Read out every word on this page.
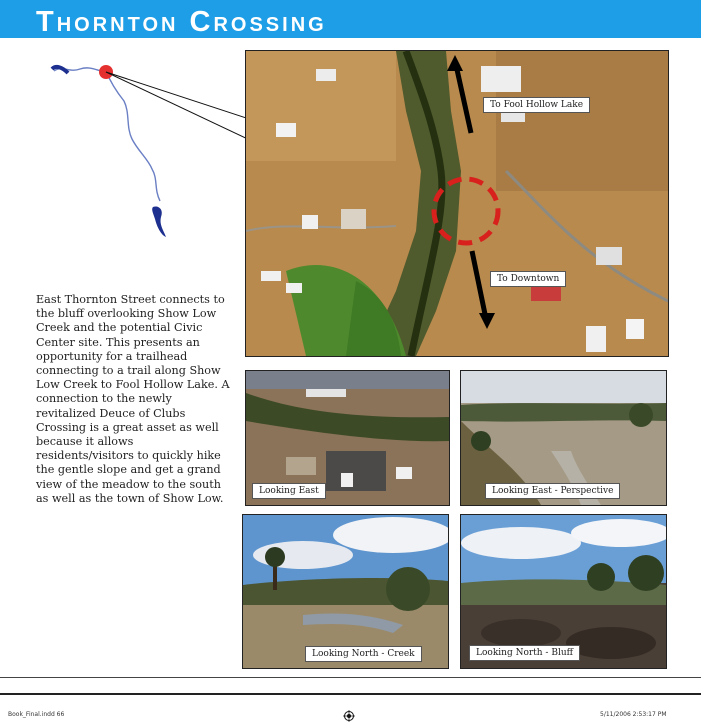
Thornton Crossing
To Fool Hollow Lake
To Downtown
Looking East	Looking East - Perspective
Looking North - Creek	Looking North - Bluff

East Thornton Street connects to the bluff overlooking Show Low Creek and the potential Civic Center site. This presents an opportunity for a trailhead connecting to a trail along Show Low Creek to Fool Hollow Lake. A connection to the newly revitalized Deuce of Clubs Crossing is a great asset as well because it allows residents/visitors to quickly hike the gentle slope and get a grand view of the meadow to the south as well as the town of Show Low.

Book_Final.indd 66	5/11/2006 2:53:17 PM
